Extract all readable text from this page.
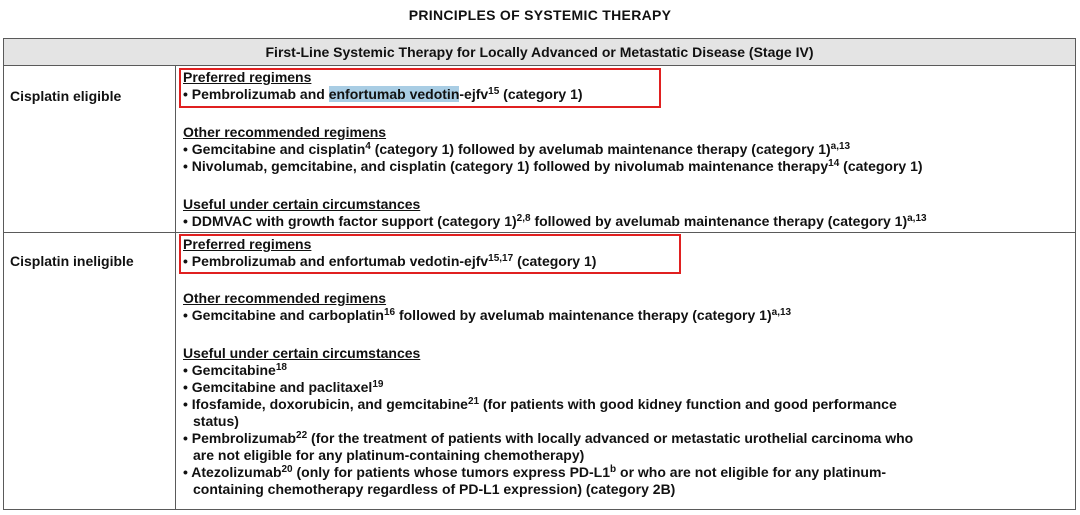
PRINCIPLES OF SYSTEMIC THERAPY
First-Line Systemic Therapy for Locally Advanced or Metastatic Disease (Stage IV)
Cisplatin eligible
Preferred regimens
• Pembrolizumab and enfortumab vedotin-ejfv$^{15}$ (category 1)
Other recommended regimens
• Gemcitabine and cisplatin$^4$ (category 1) followed by avelumab maintenance therapy (category 1)$^{a,13}$
• Nivolumab, gemcitabine, and cisplatin (category 1) followed by nivolumab maintenance therapy$^{14}$ (category 1)
Useful under certain circumstances
• DDMVAC with growth factor support (category 1)$^{2,8}$ followed by avelumab maintenance therapy (category 1)$^{a,13}$
Cisplatin ineligible
Preferred regimens
• Pembrolizumab and enfortumab vedotin-ejfv$^{15,17}$ (category 1)
Other recommended regimens
• Gemcitabine and carboplatin$^{16}$ followed by avelumab maintenance therapy (category 1)$^{a,13}$
Useful under certain circumstances
• Gemcitabine$^{18}$
• Gemcitabine and paclitaxel$^{19}$
• Ifosfamide, doxorubicin, and gemcitabine$^{21}$ (for patients with good kidney function and good performance
status)
• Pembrolizumab$^{22}$ (for the treatment of patients with locally advanced or metastatic urothelial carcinoma who
are not eligible for any platinum-containing chemotherapy)
• Atezolizumab$^{20}$ (only for patients whose tumors express PD-L1$^b$ or who are not eligible for any platinum-
containing chemotherapy regardless of PD-L1 expression) (category 2B)
